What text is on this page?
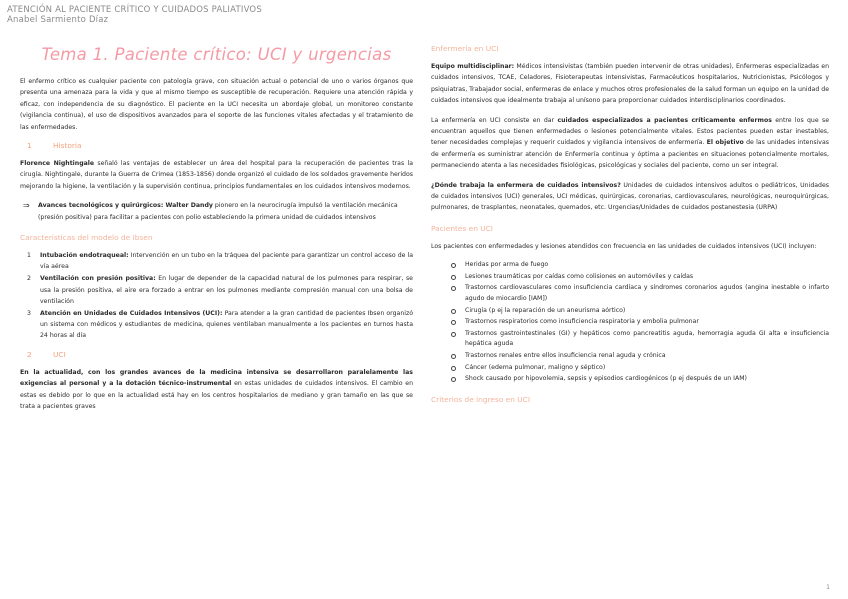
ATENCIÓN AL PACIENTE CRÍTICO Y CUIDADOS PALIATIVOS
Anabel Sarmiento Díaz
Tema 1. Paciente crítico: UCI y urgencias

El enfermo crítico es cualquier paciente con patología grave, con situación actual o potencial de uno o varios órganos que presenta una amenaza para la vida y que al mismo tiempo es susceptible de recuperación. Requiere una atención rápida y eficaz, con independencia de su diagnóstico. El paciente en la UCI necesita un abordaje global, un monitoreo constante (vigilancia continua), el uso de dispositivos avanzados para el soporte de las funciones vitales afectadas y el tratamiento de las enfermedades.

1	Historia

Florence Nightingale señaló las ventajas de establecer un área del hospital para la recuperación de pacientes tras la cirugía. Nightingale, durante la Guerra de Crimea (1853-1856) donde organizó el cuidado de los soldados gravemente heridos mejorando la higiene, la ventilación y la supervisión continua, principios fundamentales en los cuidados intensivos modernos.

⇒ Avances tecnológicos y quirúrgicos: Walter Dandy pionero en la neurocirugía impulsó la ventilación mecánica (presión positiva) para facilitar a pacientes con polio estableciendo la primera unidad de cuidados intensivos
Características del modelo de Ibsen
1 Intubación endotraqueal: Intervención en un tubo en la tráquea del paciente para garantizar un control acceso de la vía aérea
2 Ventilación con presión positiva: En lugar de depender de la capacidad natural de los pulmones para respirar, se usa la presión positiva, el aire era forzado a entrar en los pulmones mediante compresión manual con una bolsa de ventilación
3 Atención en Unidades de Cuidados Intensivos (UCI): Para atender a la gran cantidad de pacientes Ibsen organizó un sistema con médicos y estudiantes de medicina, quienes ventilaban manualmente a los pacientes en turnos hasta 24 horas al día
2	UCI

En la actualidad, con los grandes avances de la medicina intensiva se desarrollaron paralelamente las exigencias al personal y a la dotación técnico-instrumental en estas unidades de cuidados intensivos. El cambio en estas es debido por lo que en la actualidad está hay en los centros hospitalarios de mediano y gran tamaño en las que se trata a pacientes graves

Enfermería en UCI

Equipo multidisciplinar: Médicos intensivistas (también pueden intervenir de otras unidades), Enfermeras especializadas en cuidados intensivos, TCAE, Celadores, Fisioterapeutas intensivistas, Farmacéuticos hospitalarios, Nutricionistas, Psicólogos y psiquiatras, Trabajador social, enfermeras de enlace y muchos otros profesionales de la salud forman un equipo en la unidad de cuidados intensivos que idealmente trabaja al unísono para proporcionar cuidados interdisciplinarios coordinados.

La enfermería en UCI consiste en dar cuidados especializados a pacientes críticamente enfermos entre los que se encuentran aquellos que tienen enfermedades o lesiones potencialmente vitales. Estos pacientes pueden estar inestables, tener necesidades complejas y requerir cuidados y vigilancia intensivos de enfermería. El objetivo de las unidades intensivas de enfermería es suministrar atención de Enfermería continua y óptima a pacientes en situaciones potencialmente mortales, permaneciendo atenta a las necesidades fisiológicas, psicológicas y sociales del paciente, como un ser integral.

¿Dónde trabaja la enfermera de cuidados intensivos? Unidades de cuidados intensivos adultos o pediátricos, Unidades de cuidados intensivos (UCI) generales, UCI médicas, quirúrgicas, coronarias, cardiovasculares, neurológicas, neuroquirúrgicas, pulmonares, de trasplantes, neonatales, quemados, etc. Urgencias/Unidades de cuidados postanestesia (URPA)

Pacientes en UCI

Los pacientes con enfermedades y lesiones atendidos con frecuencia en las unidades de cuidados intensivos (UCI) incluyen:

Heridas por arma de fuego
Lesiones traumáticas por caídas como colisiones en automóviles y caídas
Trastornos cardiovasculares como insuficiencia cardíaca y síndromes coronarios agudos (angina inestable o infarto agudo de miocardio [IAM])
Cirugía (p ej la reparación de un aneurisma aórtico)
Trastornos respiratorios como insuficiencia respiratoria y embolia pulmonar
Trastornos gastrointestinales (GI) y hepáticos como pancreatitis aguda, hemorragia aguda GI alta e insuficiencia hepática aguda
Trastornos renales entre ellos insuficiencia renal aguda y crónica
Cáncer (edema pulmonar, maligno y séptico)
Shock causado por hipovolemia, sepsis y episodios cardiogénicos (p ej después de un IAM)
Criterios de ingreso en UCI
1
